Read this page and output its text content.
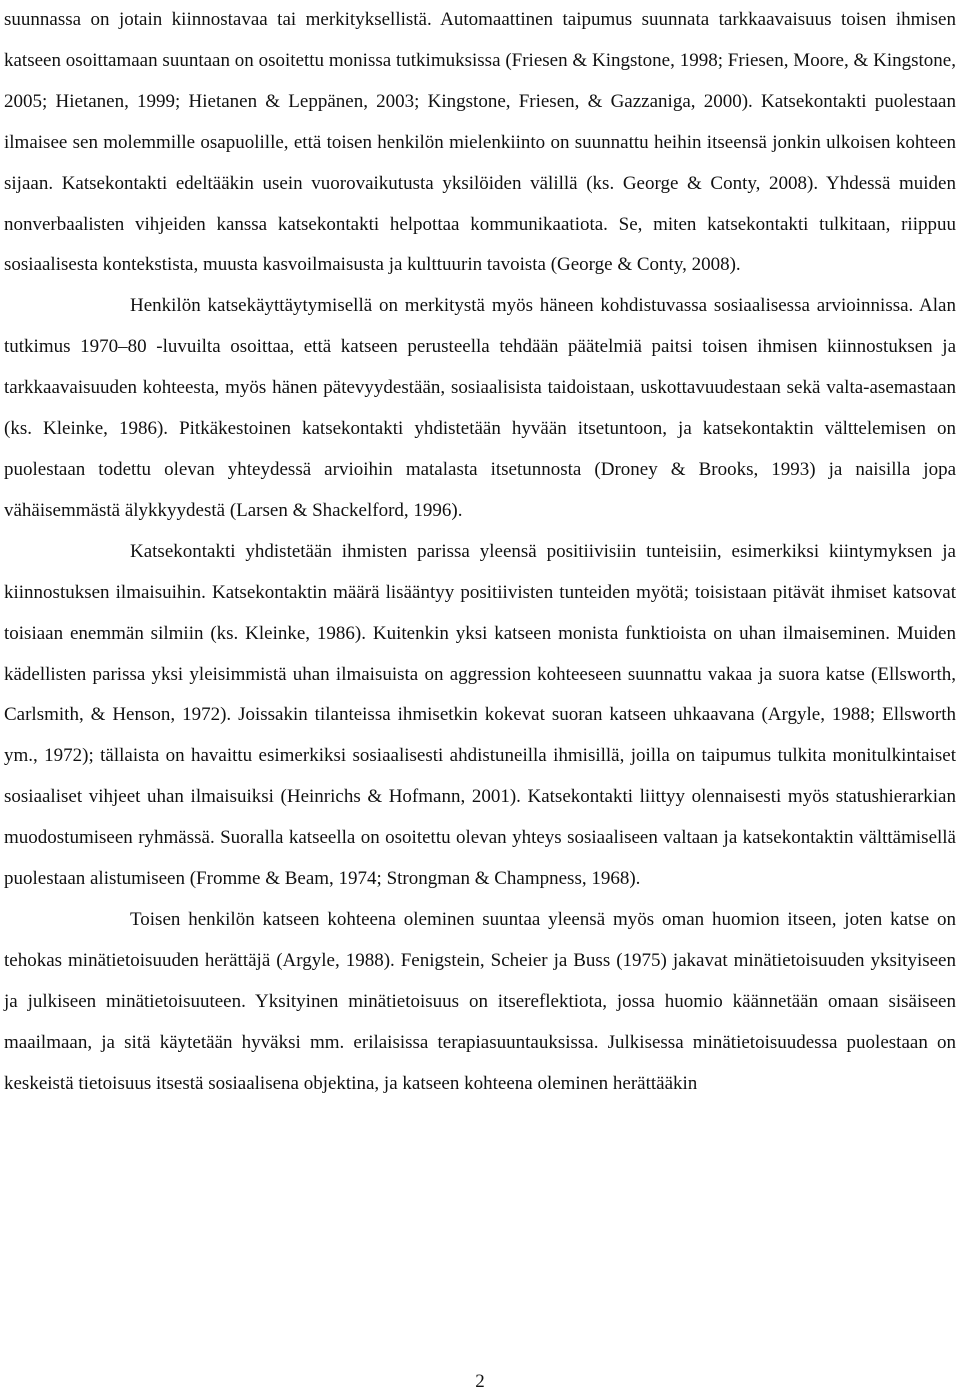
suunnassa on jotain kiinnostavaa tai merkityksellistä. Automaattinen taipumus suunnata tarkkaavaisuus toisen ihmisen katseen osoittamaan suuntaan on osoitettu monissa tutkimuksissa (Friesen & Kingstone, 1998; Friesen, Moore, & Kingstone, 2005; Hietanen, 1999; Hietanen & Leppänen, 2003; Kingstone, Friesen, & Gazzaniga, 2000). Katsekontakti puolestaan ilmaisee sen molemmille osapuolille, että toisen henkilön mielenkiinto on suunnattu heihin itseensä jonkin ulkoisen kohteen sijaan. Katsekontakti edeltääkin usein vuorovaikutusta yksilöiden välillä (ks. George & Conty, 2008). Yhdessä muiden nonverbaalisten vihjeiden kanssa katsekontakti helpottaa kommunikaatiota. Se, miten katsekontakti tulkitaan, riippuu sosiaalisesta kontekstista, muusta kasvoilmaisusta ja kulttuurin tavoista (George & Conty, 2008).

Henkilön katsekäyttäytymisellä on merkitystä myös häneen kohdistuvassa sosiaalisessa arvioinnissa. Alan tutkimus 1970–80 -luvuilta osoittaa, että katseen perusteella tehdään päätelmiä paitsi toisen ihmisen kiinnostuksen ja tarkkaavaisuuden kohteesta, myös hänen pätevyydestään, sosiaalisista taidoistaan, uskottavuudestaan sekä valta-asemastaan (ks. Kleinke, 1986). Pitkäkestoinen katsekontakti yhdistetään hyvään itsetuntoon, ja katsekontaktin välttelemisen on puolestaan todettu olevan yhteydessä arvioihin matalasta itsetunnosta (Droney & Brooks, 1993) ja naisilla jopa vähäisemmästä älykkyydestä (Larsen & Shackelford, 1996).

Katsekontakti yhdistetään ihmisten parissa yleensä positiivisiin tunteisiin, esimerkiksi kiintymyksen ja kiinnostuksen ilmaisuihin. Katsekontaktin määrä lisääntyy positiivisten tunteiden myötä; toisistaan pitävät ihmiset katsovat toisiaan enemmän silmiin (ks. Kleinke, 1986). Kuitenkin yksi katseen monista funktioista on uhan ilmaiseminen. Muiden kädellisten parissa yksi yleisimmistä uhan ilmaisuista on aggression kohteeseen suunnattu vakaa ja suora katse (Ellsworth, Carlsmith, & Henson, 1972). Joissakin tilanteissa ihmisetkin kokevat suoran katseen uhkaavana (Argyle, 1988; Ellsworth ym., 1972); tällaista on havaittu esimerkiksi sosiaalisesti ahdistuneilla ihmisillä, joilla on taipumus tulkita monitulkintaiset sosiaaliset vihjeet uhan ilmaisuiksi (Heinrichs & Hofmann, 2001). Katsekontakti liittyy olennaisesti myös statushierarkian muodostumiseen ryhmässä. Suoralla katseella on osoitettu olevan yhteys sosiaaliseen valtaan ja katsekontaktin välttämisellä puolestaan alistumiseen (Fromme & Beam, 1974; Strongman & Champness, 1968).

Toisen henkilön katseen kohteena oleminen suuntaa yleensä myös oman huomion itseen, joten katse on tehokas minätietoisuuden herättäjä (Argyle, 1988). Fenigstein, Scheier ja Buss (1975) jakavat minätietoisuuden yksityiseen ja julkiseen minätietoisuuteen. Yksityinen minätietoisuus on itsereflektiota, jossa huomio käännetään omaan sisäiseen maailmaan, ja sitä käytetään hyväksi mm. erilaisissa terapiasuuntauksissa. Julkisessa minätietoisuudessa puolestaan on keskeistä tietoisuus itsestä sosiaalisena objektina, ja katseen kohteena oleminen herättääkin

2
